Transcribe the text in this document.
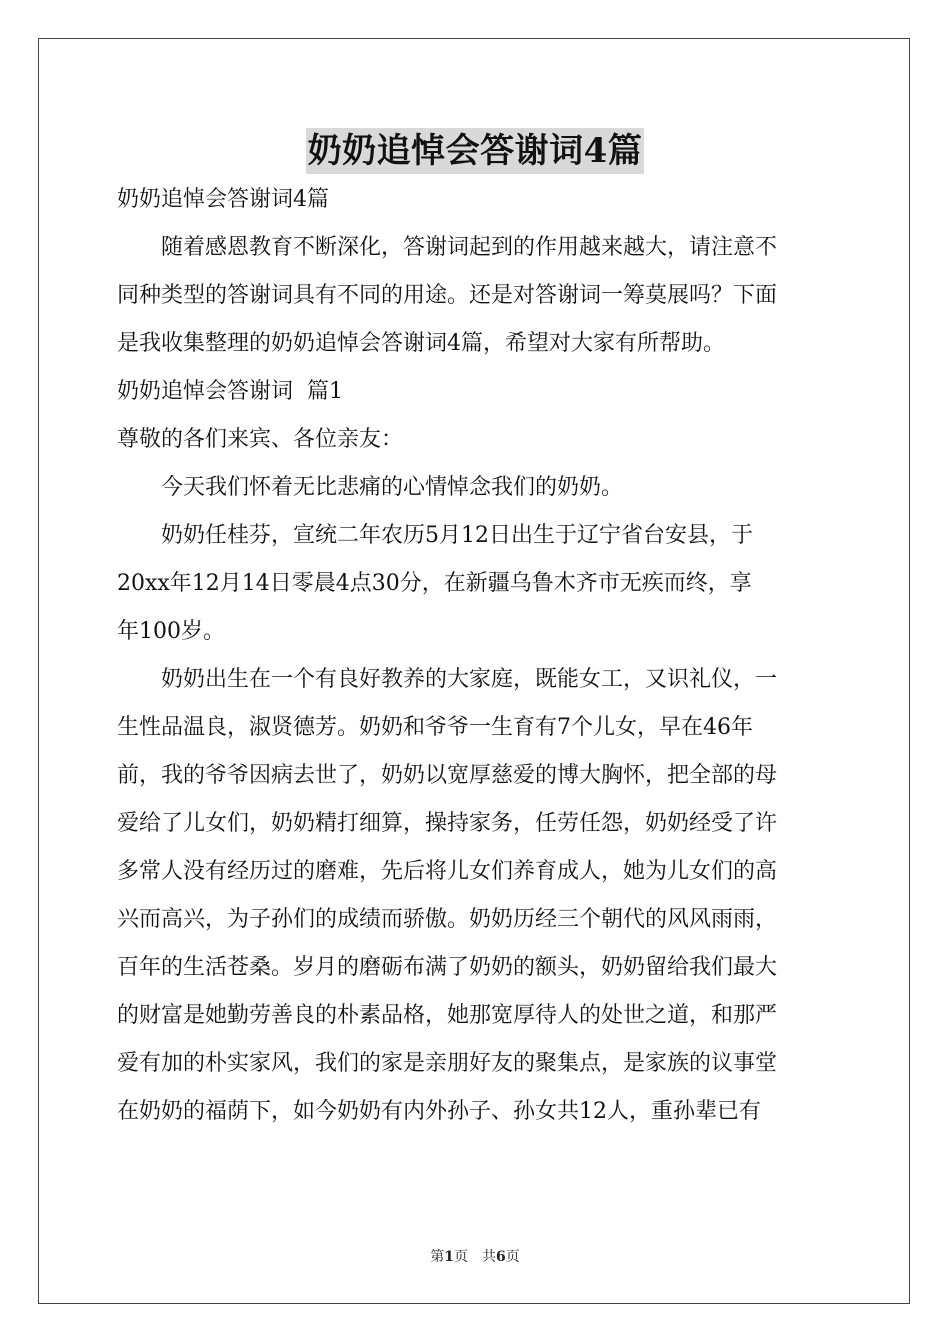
奶奶追悼会答谢词4篇
奶奶追悼会答谢词4篇
随着感恩教育不断深化，答谢词起到的作用越来越大，请注意不
同种类型的答谢词具有不同的用途。还是对答谢词一筹莫展吗？下面
是我收集整理的奶奶追悼会答谢词4篇，希望对大家有所帮助。
奶奶追悼会答谢词  篇1
尊敬的各们来宾、各位亲友：
今天我们怀着无比悲痛的心情悼念我们的奶奶。
奶奶任桂芬，宣统二年农历5月12日出生于辽宁省台安县，于
20xx年12月14日零晨4点30分，在新疆乌鲁木齐市无疾而终，享
年100岁。
奶奶出生在一个有良好教养的大家庭，既能女工，又识礼仪，一
生性品温良，淑贤德芳。奶奶和爷爷一生育有7个儿女，早在46年
前，我的爷爷因病去世了，奶奶以宽厚慈爱的博大胸怀，把全部的母
爱给了儿女们，奶奶精打细算，操持家务，任劳任怨，奶奶经受了许
多常人没有经历过的磨难，先后将儿女们养育成人，她为儿女们的高
兴而高兴，为子孙们的成绩而骄傲。奶奶历经三个朝代的风风雨雨，
百年的生活苍桑。岁月的磨砺布满了奶奶的额头，奶奶留给我们最大
的财富是她勤劳善良的朴素品格，她那宽厚待人的处世之道，和那严
爱有加的朴实家风，我们的家是亲朋好友的聚集点，是家族的议事堂
在奶奶的福荫下，如今奶奶有内外孙子、孙女共12人，重孙辈已有
第1页　共6页
